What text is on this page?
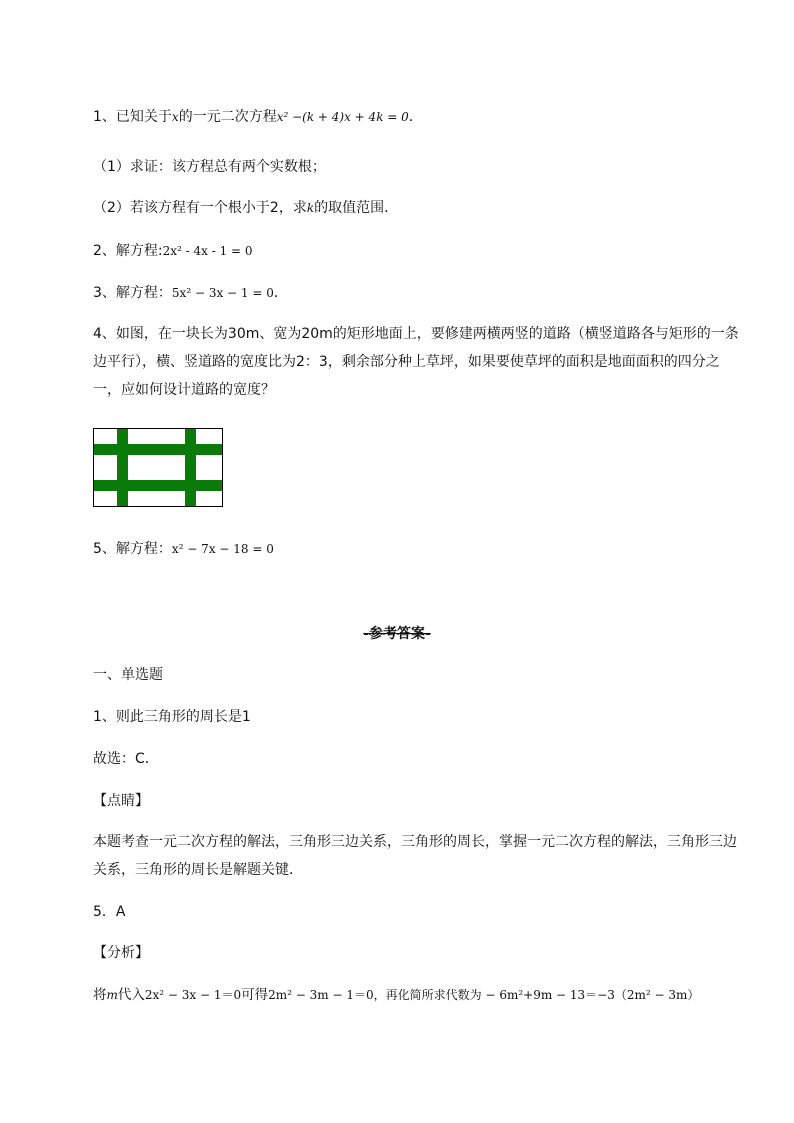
1、已知关于x的一元二次方程x² −(k + 4)x + 4k = 0．
（1）求证：该方程总有两个实数根；
（2）若该方程有一个根小于2，求k的取值范围．
2、解方程:2x² - 4x - 1 = 0
3、解方程：5x² − 3x − 1 = 0．
4、如图，在一块长为30m、宽为20m的矩形地面上，要修建两横两竖的道路（横竖道路各与矩形的一条边平行），横、竖道路的宽度比为2：3，剩余部分种上草坪，如果要使草坪的面积是地面面积的四分之一，应如何设计道路的宽度？
5、解方程：x² − 7x − 18 = 0
-参考答案-
一、单选题
1、则此三角形的周长是1
故选：C．
【点睛】
本题考查一元二次方程的解法，三角形三边关系，三角形的周长，掌握一元二次方程的解法，三角形三边关系，三角形的周长是解题关键．
5．A
【分析】
将m代入2x² − 3x − 1＝0可得2m² − 3m − 1＝0，再化简所求代数为 − 6m²+9m − 13＝−3（2m² − 3m）
